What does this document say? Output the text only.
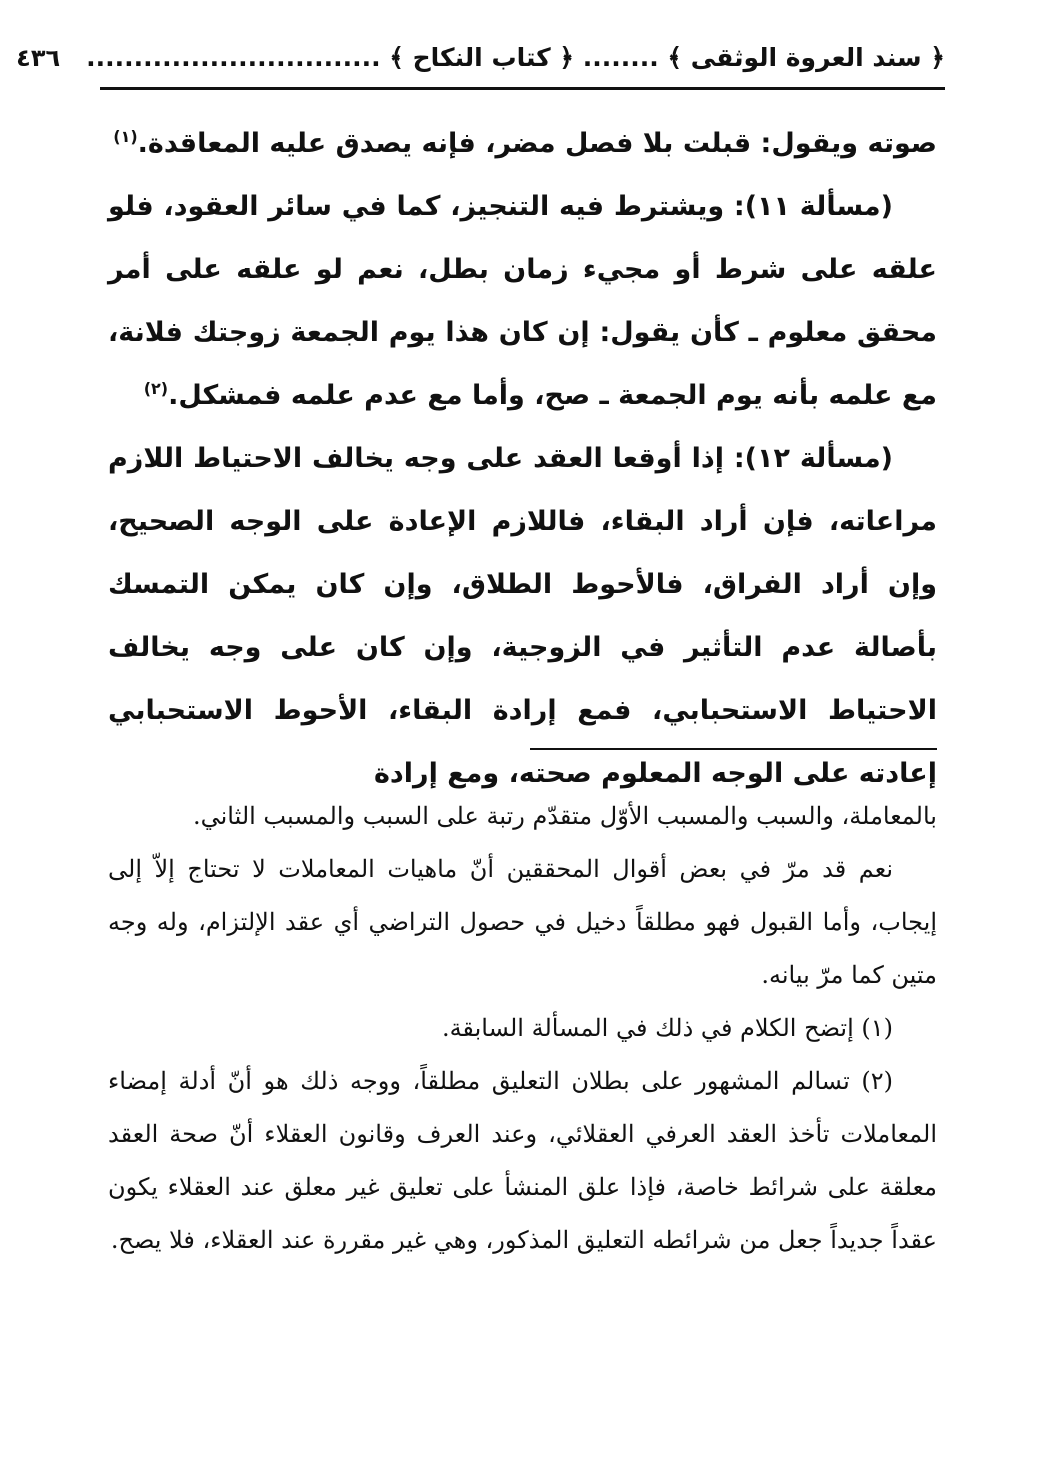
﴿ سند العروة الوثقى ﴾ ........ ﴿ كتاب النكاح ﴾ ...............................
٤٣٦

صوته ويقول: قبلت بلا فصل مضر، فإنه يصدق عليه المعاقدة.$^{(١)}$

(مسألة ١١): ويشترط فيه التنجيز، كما في سائر العقود، فلو علقه على شرط أو مجيء زمان بطل، نعم لو علقه على أمر محقق معلوم ـ كأن يقول: إن كان هذا يوم الجمعة زوجتك فلانة، مع علمه بأنه يوم الجمعة ـ صح، وأما مع عدم علمه فمشكل.$^{(٢)}$

(مسألة ١٢): إذا أوقعا العقد على وجه يخالف الاحتياط اللازم مراعاته، فإن أراد البقاء، فاللازم الإعادة على الوجه الصحيح، وإن أراد الفراق، فالأحوط الطلاق، وإن كان يمكن التمسك بأصالة عدم التأثير في الزوجية، وإن كان على وجه يخالف الاحتياط الاستحبابي، فمع إرادة البقاء، الأحوط الاستحبابي إعادته على الوجه المعلوم صحته، ومع إرادة

بالمعاملة، والسبب والمسبب الأوّل متقدّم رتبة على السبب والمسبب الثاني.

نعم قد مرّ في بعض أقوال المحققين أنّ ماهيات المعاملات لا تحتاج إلاّ إلى إيجاب، وأما القبول فهو مطلقاً دخيل في حصول التراضي أي عقد الإلتزام، وله وجه متين كما مرّ بيانه.

(١) إتضح الكلام في ذلك في المسألة السابقة.

(٢) تسالم المشهور على بطلان التعليق مطلقاً، ووجه ذلك هو أنّ أدلة إمضاء المعاملات تأخذ العقد العرفي العقلائي، وعند العرف وقانون العقلاء أنّ صحة العقد معلقة على شرائط خاصة، فإذا علق المنشأ على تعليق غير معلق عند العقلاء يكون عقداً جديداً جعل من شرائطه التعليق المذكور، وهي غير مقررة عند العقلاء، فلا يصح.
